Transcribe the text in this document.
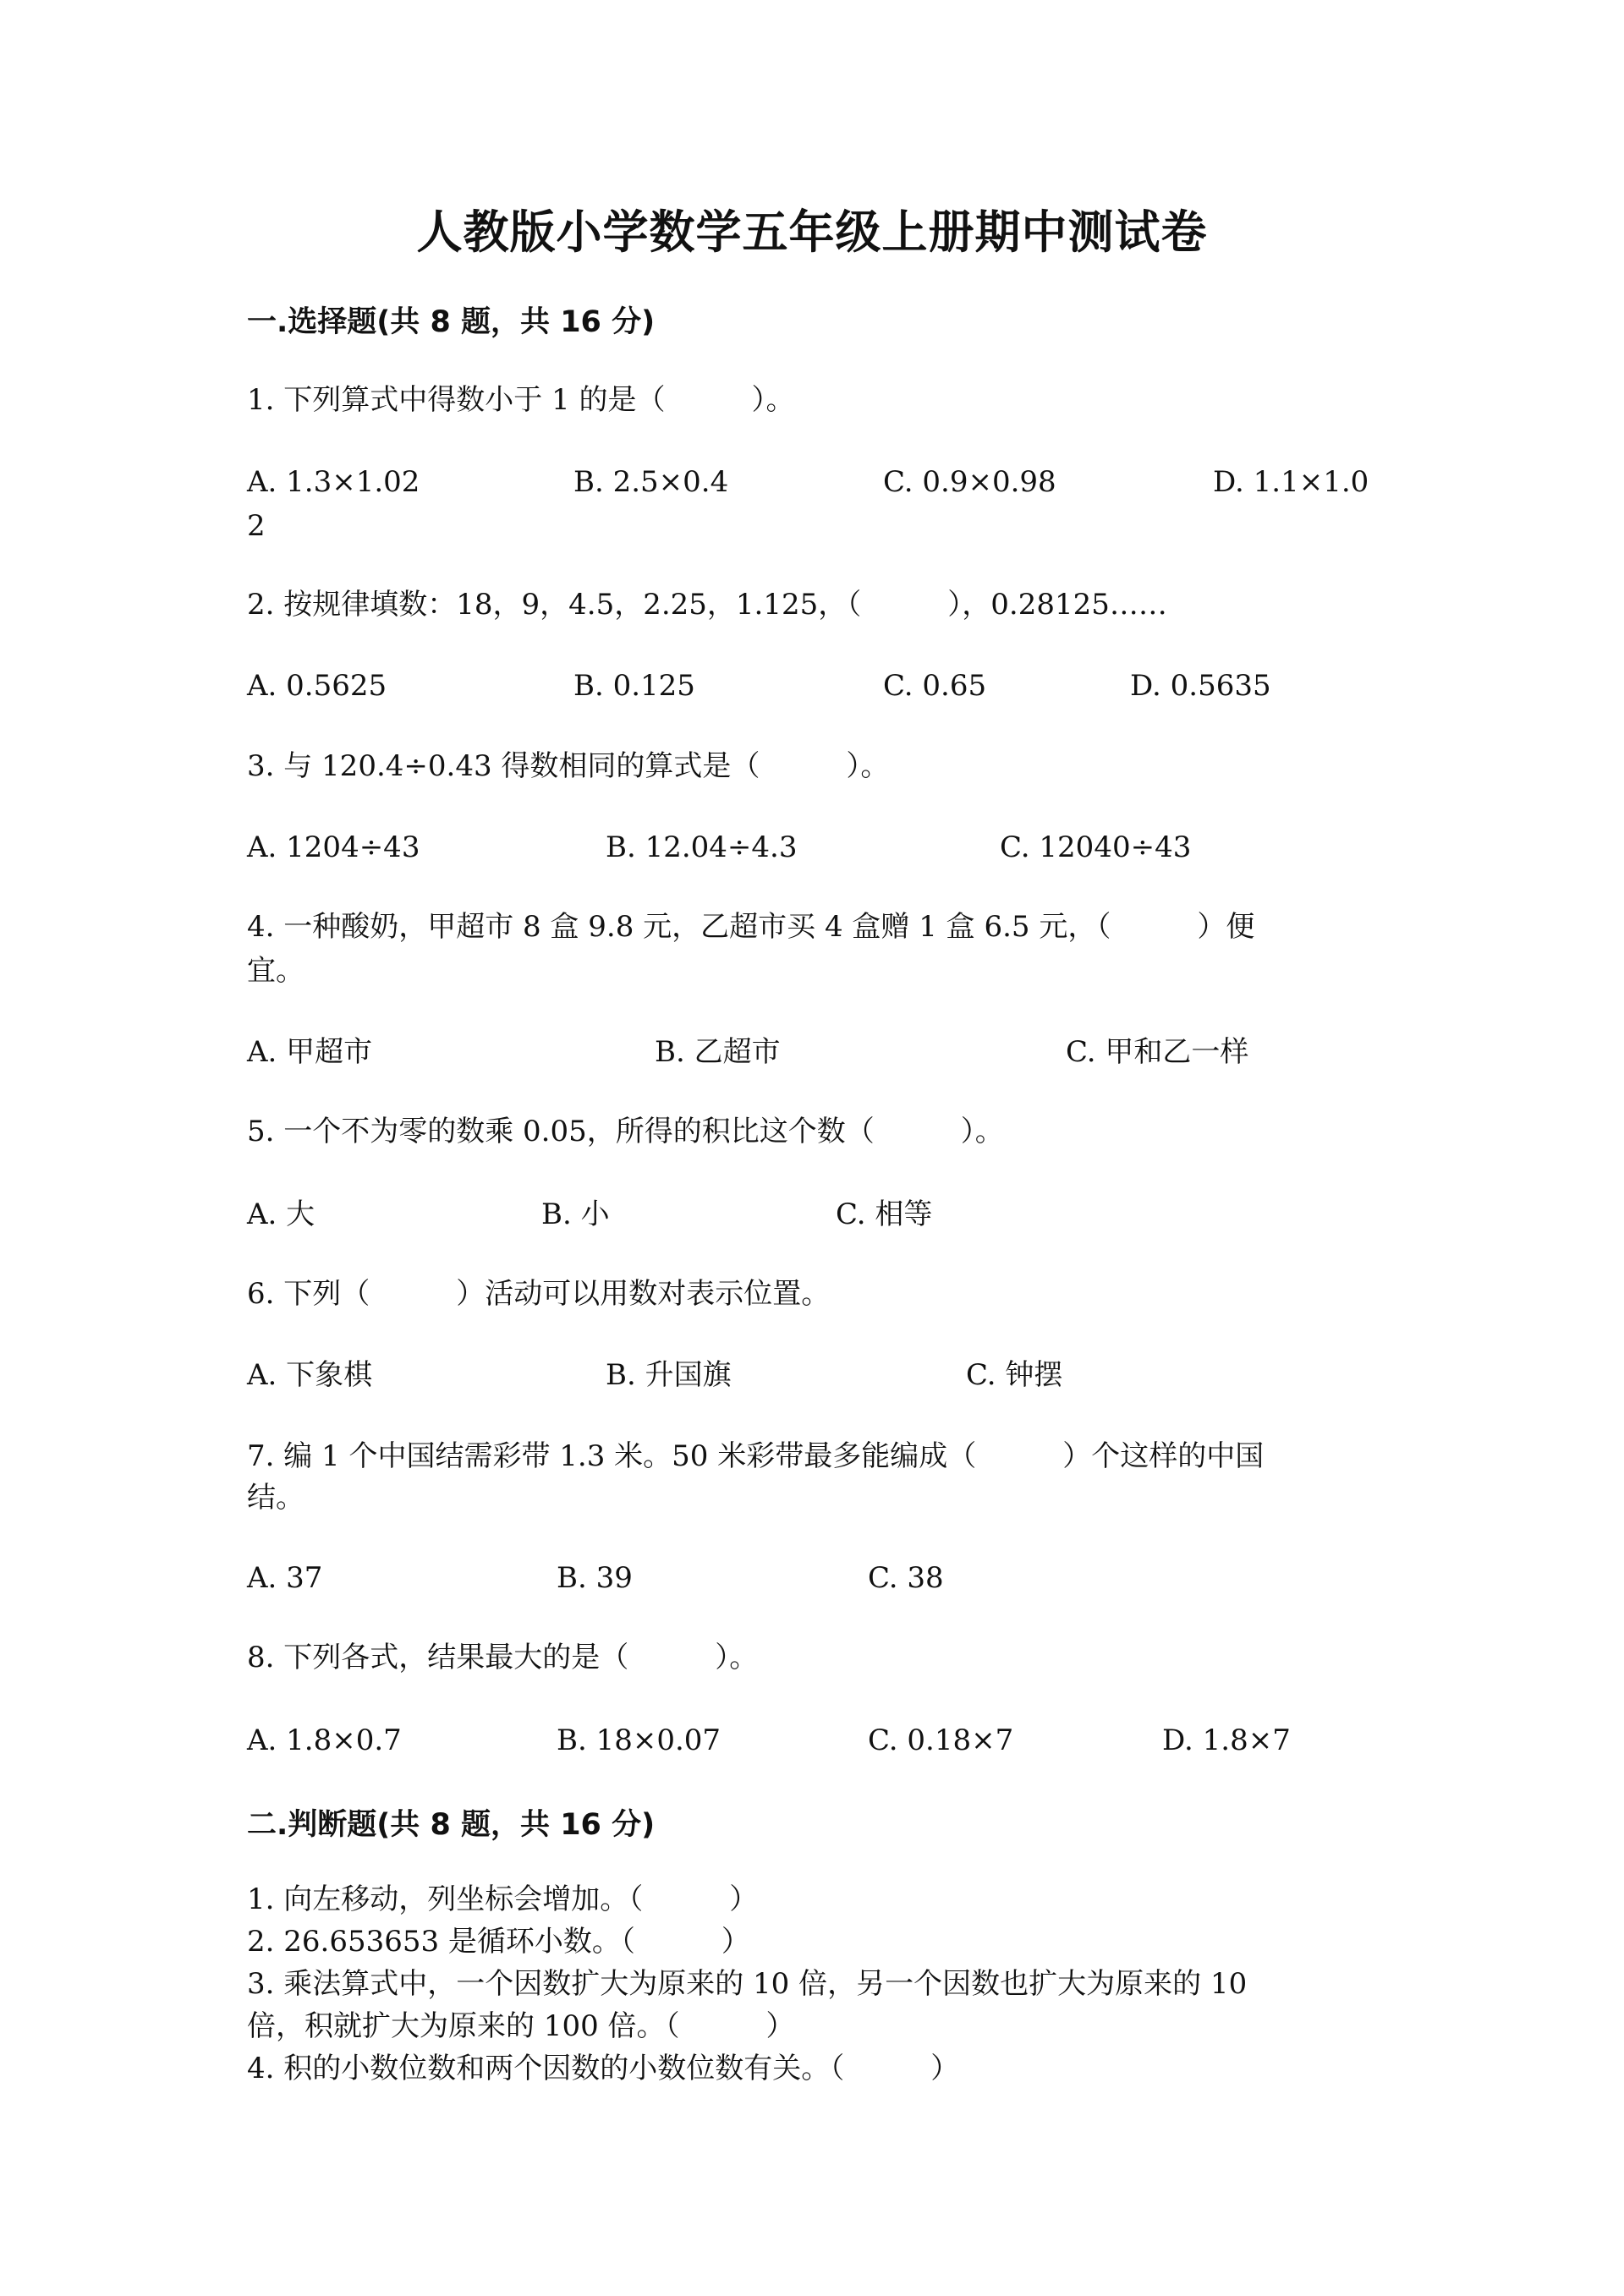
人教版小学数学五年级上册期中测试卷
一.选择题(共 8 题，共 16 分)
1. 下列算式中得数小于 1 的是（　　　）。
A. 1.3×1.02	B. 2.5×0.4	C. 0.9×0.98	D. 1.1×1.0
2
2. 按规律填数：18，9，4.5，2.25，1.125，（　　　），0.28125……
A. 0.5625	B. 0.125	C. 0.65	D. 0.5635
3. 与 120.4÷0.43 得数相同的算式是（　　　）。
A. 1204÷43	B. 12.04÷4.3	C. 12040÷43
4. 一种酸奶，甲超市 8 盒 9.8 元，乙超市买 4 盒赠 1 盒 6.5 元，（　　　）便
宜。
A. 甲超市	B. 乙超市	C. 甲和乙一样
5. 一个不为零的数乘 0.05，所得的积比这个数（　　　）。
A. 大	B. 小	C. 相等
6. 下列（　　　）活动可以用数对表示位置。
A. 下象棋	B. 升国旗	C. 钟摆
7. 编 1 个中国结需彩带 1.3 米。50 米彩带最多能编成（　　　）个这样的中国
结。
A. 37	B. 39	C. 38
8. 下列各式，结果最大的是（　　　）。
A. 1.8×0.7	B. 18×0.07	C. 0.18×7	D. 1.8×7
二.判断题(共 8 题，共 16 分)
1. 向左移动，列坐标会增加。（　　　）
2. 26.653653 是循环小数。（　　　）
3. 乘法算式中，一个因数扩大为原来的 10 倍，另一个因数也扩大为原来的 10
倍，积就扩大为原来的 100 倍。（　　　）
4. 积的小数位数和两个因数的小数位数有关。（　　　）
